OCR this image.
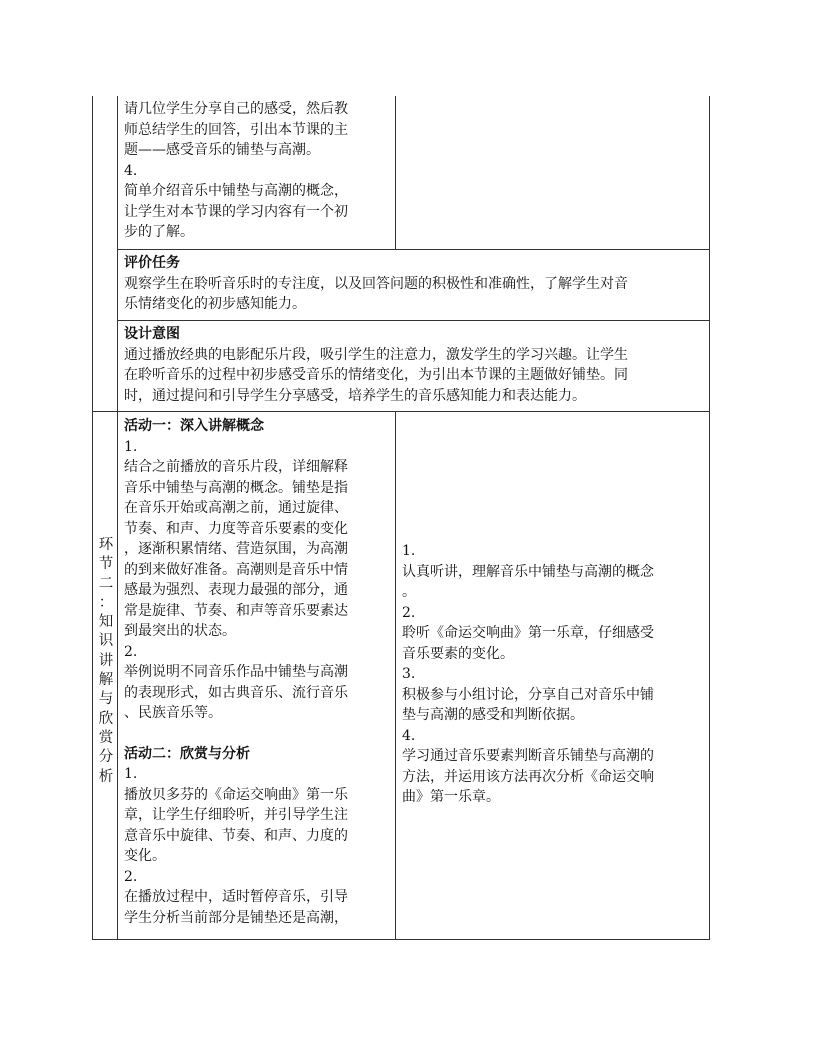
请几位学生分享自己的感受，然后教
师总结学生的回答，引出本节课的主
题——感受音乐的铺垫与高潮。
4.
简单介绍音乐中铺垫与高潮的概念，
让学生对本节课的学习内容有一个初
步的了解。
评价任务
观察学生在聆听音乐时的专注度，以及回答问题的积极性和准确性，了解学生对音
乐情绪变化的初步感知能力。
设计意图
通过播放经典的电影配乐片段，吸引学生的注意力，激发学生的学习兴趣。让学生
在聆听音乐的过程中初步感受音乐的情绪变化，为引出本节课的主题做好铺垫。同
时，通过提问和引导学生分享感受，培养学生的音乐感知能力和表达能力。
环
节
二
：
知
识
讲
解
与
欣
赏
分
析
活动一：深入讲解概念
1.
结合之前播放的音乐片段，详细解释
音乐中铺垫与高潮的概念。铺垫是指
在音乐开始或高潮之前，通过旋律、
节奏、和声、力度等音乐要素的变化
，逐渐积累情绪、营造氛围，为高潮
的到来做好准备。高潮则是音乐中情
感最为强烈、表现力最强的部分，通
常是旋律、节奏、和声等音乐要素达
到最突出的状态。
2.
举例说明不同音乐作品中铺垫与高潮
的表现形式，如古典音乐、流行音乐
、民族音乐等。
活动二：欣赏与分析
1.
播放贝多芬的《命运交响曲》第一乐
章，让学生仔细聆听，并引导学生注
意音乐中旋律、节奏、和声、力度的
变化。
2.
在播放过程中，适时暂停音乐，引导
学生分析当前部分是铺垫还是高潮，
1.
认真听讲，理解音乐中铺垫与高潮的概念
。
2.
聆听《命运交响曲》第一乐章，仔细感受
音乐要素的变化。
3.
积极参与小组讨论，分享自己对音乐中铺
垫与高潮的感受和判断依据。
4.
学习通过音乐要素判断音乐铺垫与高潮的
方法，并运用该方法再次分析《命运交响
曲》第一乐章。
